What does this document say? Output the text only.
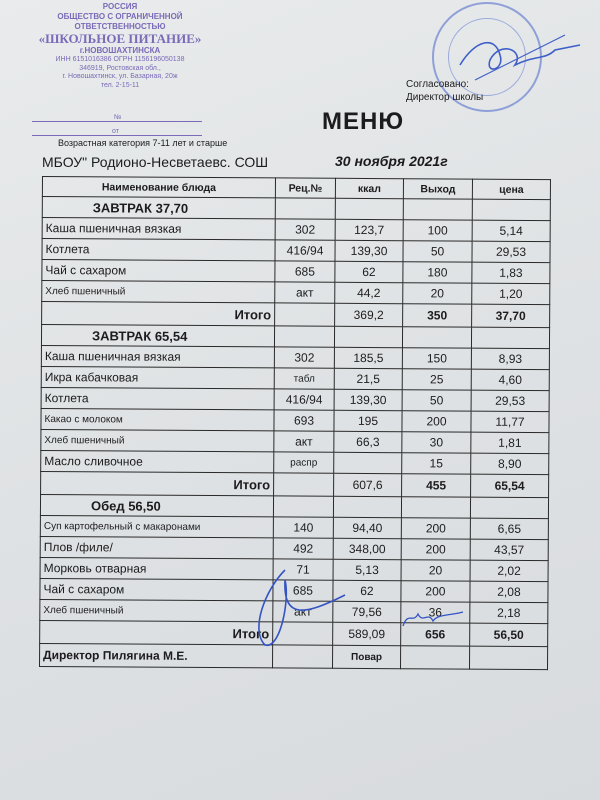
РОССИЯ
ОБЩЕСТВО С ОГРАНИЧЕННОЙ
ОТВЕТСТВЕННОСТЬЮ
«ШКОЛЬНОЕ ПИТАНИЕ»
г.НОВОШАХТИНСКА
ИНН 6151016386 ОГРН 1156196050138
346919, Ростовская обл.,
г. Новошахтинск, ул. Базарная, 20ж
тел. 2-15-11
№
от
Согласовано:
Директор школы
МЕНЮ
Возрастная категория 7-11 лет и старше
МБОУ" Родионо-Несветаевс. СОШ	30 ноября 2021г
Наименование блюда	Рец.№	ккал	Выход	цена
ЗАВТРАК 37,70				
Каша пшеничная вязкая	302	123,7	100	5,14
Котлета	416/94	139,30	50	29,53
Чай с сахаром	685	62	180	1,83
Хлеб пшеничный	акт	44,2	20	1,20
Итого		369,2	350	37,70
ЗАВТРАК 65,54				
Каша пшеничная вязкая	302	185,5	150	8,93
Икра кабачковая	табл	21,5	25	4,60
Котлета	416/94	139,30	50	29,53
Какао с молоком	693	195	200	11,77
Хлеб пшеничный	акт	66,3	30	1,81
Масло сливочное	распр		15	8,90
Итого		607,6	455	65,54
Обед 56,50				
Суп картофельный с макаронами	140	94,40	200	6,65
Плов /филе/	492	348,00	200	43,57
Морковь отварная	71	5,13	20	2,02
Чай с сахаром	685	62	200	2,08
Хлеб пшеничный	акт	79,56	36	2,18
Итого		589,09	656	56,50
Директор Пилягина М.Е.		Повар		
